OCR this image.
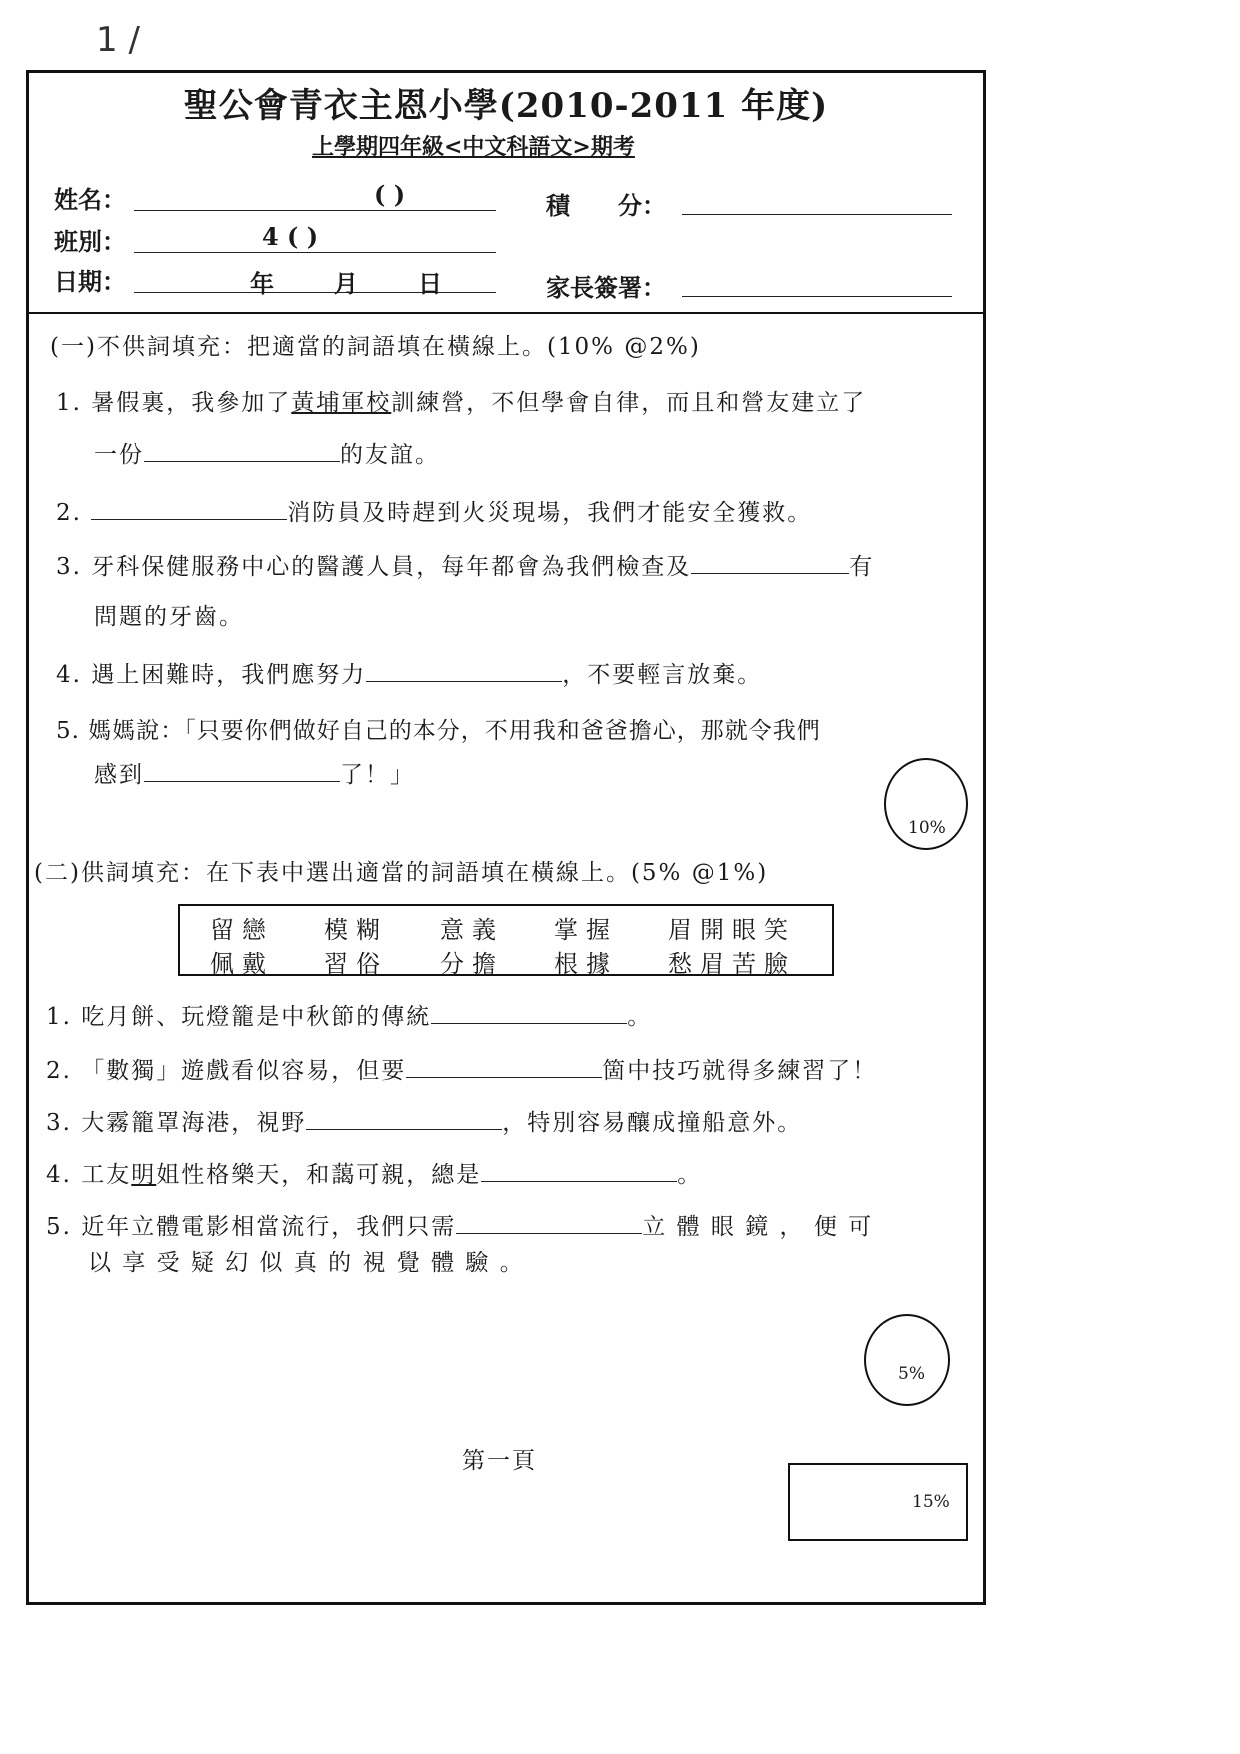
1 /
聖公會青衣主恩小學(2010-2011 年度)
上學期四年級<中文科語文>期考
姓名：	( )	積　　分：
班別：	4 ( )
日期：	年	月	日	家長簽署：
(一)不供詞填充：把適當的詞語填在橫線上。(10% @2%)
1. 暑假裏，我參加了黃埔軍校訓練營，不但學會自律，而且和營友建立了
一份	的友誼。
2.	消防員及時趕到火災現場，我們才能安全獲救。
3. 牙科保健服務中心的醫護人員，每年都會為我們檢查及	有
問題的牙齒。
4. 遇上困難時，我們應努力	，不要輕言放棄。
5. 媽媽說：「只要你們做好自己的本分，不用我和爸爸擔心，那就令我們
感到	了！」
10%
(二)供詞填充：在下表中選出適當的詞語填在橫線上。(5% @1%)
留戀 模糊 意義 掌握 眉開眼笑
佩戴 習俗 分擔 根據 愁眉苦臉
1. 吃月餅、玩燈籠是中秋節的傳統	。
2. 「數獨」遊戲看似容易，但要	箇中技巧就得多練習了！
3. 大霧籠罩海港，視野	，特別容易釀成撞船意外。
4. 工友明姐性格樂天，和藹可親，總是	。
5. 近年立體電影相當流行，我們只需	立 體 眼 鏡 ， 便 可
以 享 受 疑 幻 似 真 的 視 覺 體 驗 。
5%
第一頁
15%
